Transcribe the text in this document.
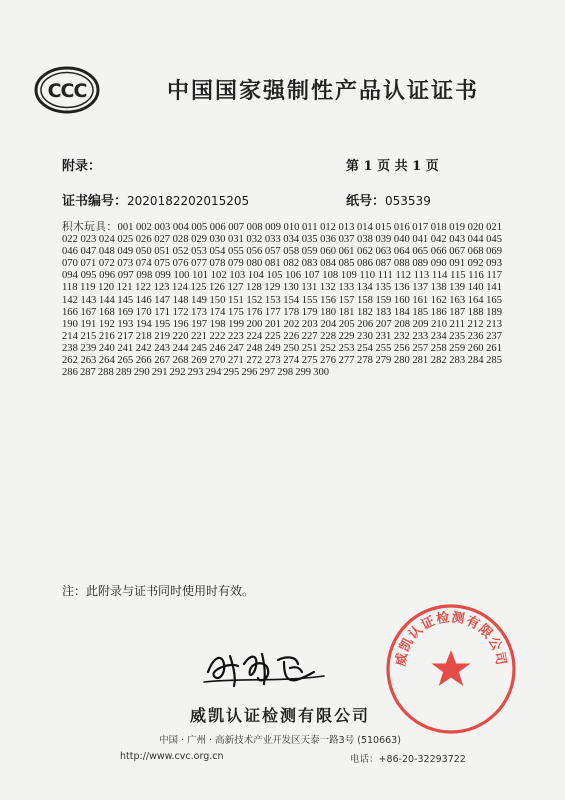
CCC	中国国家强制性产品认证证书
附录：	第 1 页 共 1 页
证书编号：2020182202015205	纸号：053539
积木玩具：001 002 003 004 005 006 007 008 009 010 011 012 013 014 015 016 017 018 019 020 021 022 023 024 025 026 027 028 029 030 031 032 033 034 035 036 037 038 039 040 041 042 043 044 045 046 047 048 049 050 051 052 053 054 055 056 057 058 059 060 061 062 063 064 065 066 067 068 069 070 071 072 073 074 075 076 077 078 079 080 081 082 083 084 085 086 087 088 089 090 091 092 093 094 095 096 097 098 099 100 101 102 103 104 105 106 107 108 109 110 111 112 113 114 115 116 117 118 119 120 121 122 123 124 125 126 127 128 129 130 131 132 133 134 135 136 137 138 139 140 141 142 143 144 145 146 147 148 149 150 151 152 153 154 155 156 157 158 159 160 161 162 163 164 165 166 167 168 169 170 171 172 173 174 175 176 177 178 179 180 181 182 183 184 185 186 187 188 189 190 191 192 193 194 195 196 197 198 199 200 201 202 203 204 205 206 207 208 209 210 211 212 213 214 215 216 217 218 219 220 221 222 223 224 225 226 227 228 229 230 231 232 233 234 235 236 237 238 239 240 241 242 243 244 245 246 247 248 249 250 251 252 253 254 255 256 257 258 259 260 261 262 263 264 265 266 267 268 269 270 271 272 273 274 275 276 277 278 279 280 281 282 283 284 285 286 287 288 289 290 291 292 293 294 295 296 297 298 299 300
注：此附录与证书同时使用时有效。
威凯认证检测有限公司
中国 · 广州 · 高新技术产业开发区天泰一路3号 (510663)
http://www.cvc.org.cn	电话：+86-20-32293722
威凯认证检测有限公司
